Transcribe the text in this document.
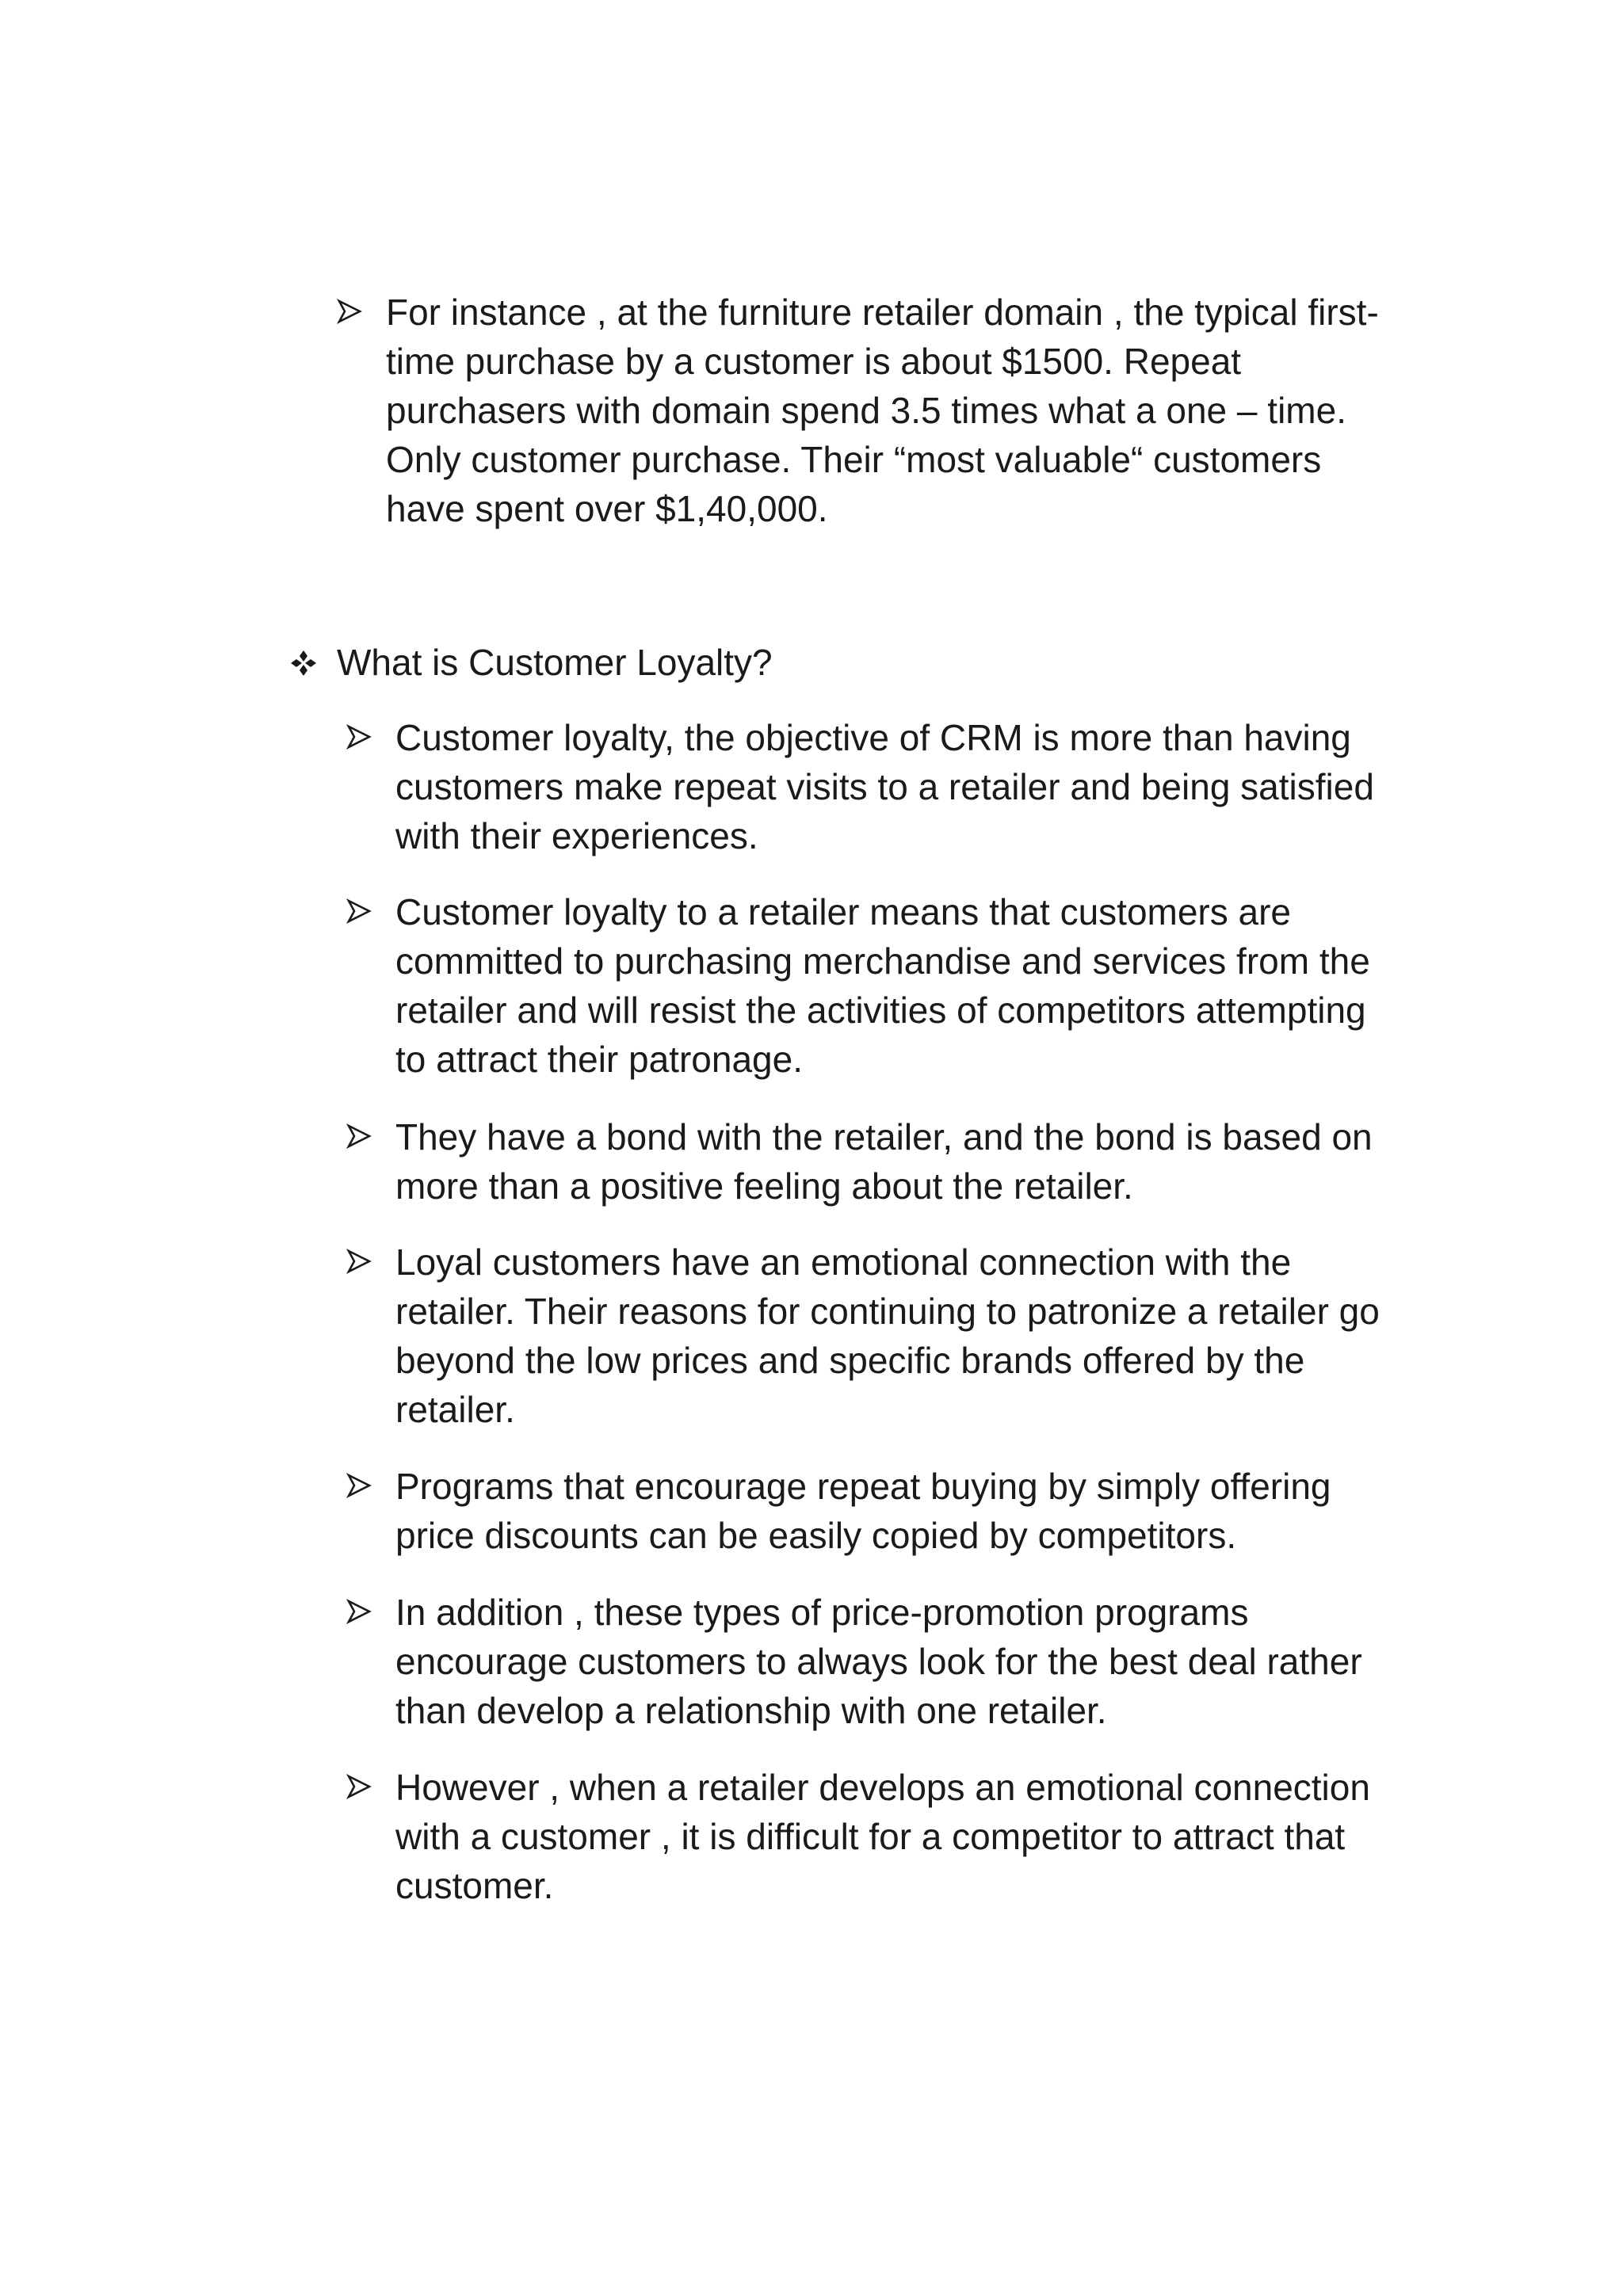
For instance , at the furniture retailer domain , the typical first-time purchase by a customer is about $1500. Repeat purchasers with domain spend 3.5 times what a one – time. Only customer purchase. Their “most valuable“ customers have spent over $1,40,000.
What is Customer Loyalty?
Customer loyalty, the objective of CRM is more than having customers make repeat visits to a retailer and being satisfied with their experiences.
Customer loyalty to a retailer means that customers are committed to purchasing merchandise and services from the retailer and will resist the activities of competitors attempting to attract their patronage.
They have a bond with the retailer, and the bond is based on more than a positive feeling about the retailer.
Loyal customers have an emotional connection with the retailer. Their reasons for continuing to patronize a retailer go beyond the low prices and specific brands offered by the retailer.
Programs that encourage repeat buying by simply offering price discounts can be easily copied by competitors.
In addition , these types of price-promotion programs encourage customers to always look for the best deal rather than develop a relationship with one retailer.
However , when a retailer develops an emotional connection with a customer , it is difficult for a competitor to attract that customer.
